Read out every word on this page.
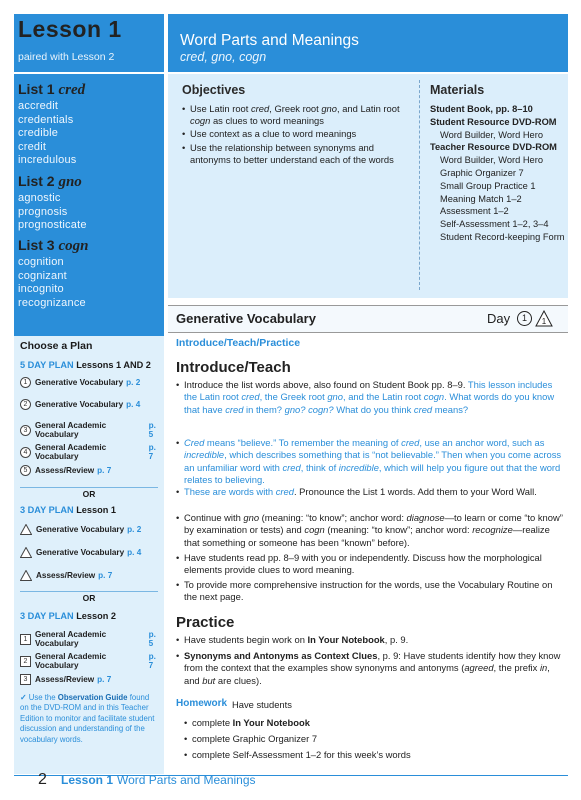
Lesson 1
paired with Lesson 2
List 1 cred
accredit
credentials
credible
credit
incredulous
List 2 gno
agnostic
prognosis
prognosticate
List 3 cogn
cognition
cognizant
incognito
recognizance
Choose a Plan
5 DAY PLAN Lessons 1 AND 2
1 Generative Vocabulary p. 2
2 Generative Vocabulary p. 4
3 General Academic Vocabulary
p. 5
4 General Academic Vocabulary
p. 7
5 Assess/Review p. 7
OR
3 DAY PLAN Lesson 1
Generative Vocabulary p. 2
Generative Vocabulary p. 4
Assess/Review p. 7
OR
3 DAY PLAN Lesson 2
1 General Academic Vocabulary
p. 5
2 General Academic Vocabulary
p. 7
3 Assess/Review p. 7
✓ Use the Observation Guide found on the DVD-ROM and in this Teacher Edition to monitor and facilitate student discussion and understanding of the vocabulary words.
Word Parts and Meanings
cred, gno, cogn
Objectives
• Use Latin root cred, Greek root gno, and Latin root cogn as clues to word meanings
• Use context as a clue to word meanings
• Use the relationship between synonyms and antonyms to better understand each of the words
Materials
Student Book, pp. 8–10
Student Resource DVD-ROM
Word Builder, Word Hero
Teacher Resource DVD-ROM
Word Builder, Word Hero
Graphic Organizer 7
Small Group Practice 1
Meaning Match 1–2
Assessment 1–2
Self-Assessment 1–2, 3–4
Student Record-keeping Form
Generative Vocabulary	Day	1	1
Introduce/Teach/Practice
Introduce/Teach
• Introduce the list words above, also found on Student Book pp. 8–9. This lesson includes the Latin root cred, the Greek root gno, and the Latin root cogn. What words do you know that have cred in them? gno? cogn? What do you think cred means?
• Cred means “believe.” To remember the meaning of cred, use an anchor word, such as incredible, which describes something that is “not believable.” Then when you come across an unfamiliar word with cred, think of incredible, which will help you figure out that the word relates to believing.
• These are words with cred. Pronounce the List 1 words. Add them to your Word Wall.
• Continue with gno (meaning: “to know”; anchor word: diagnose—to learn or come “to know” by examination or tests) and cogn (meaning: “to know”; anchor word: recognize—realize that something or someone has been “known” before).
• Have students read pp. 8–9 with you or independently. Discuss how the morphological elements provide clues to word meaning.
• To provide more comprehensive instruction for the words, use the Vocabulary Routine on the next page.
Practice
• Have students begin work on In Your Notebook, p. 9.
• Synonyms and Antonyms as Context Clues, p. 9: Have students identify how they know from the context that the examples show synonyms and antonyms (agreed, the prefix in, and but are clues).
Homework Have students
• complete In Your Notebook
• complete Graphic Organizer 7
• complete Self-Assessment 1–2 for this week’s words
2 Lesson 1 Word Parts and Meanings
